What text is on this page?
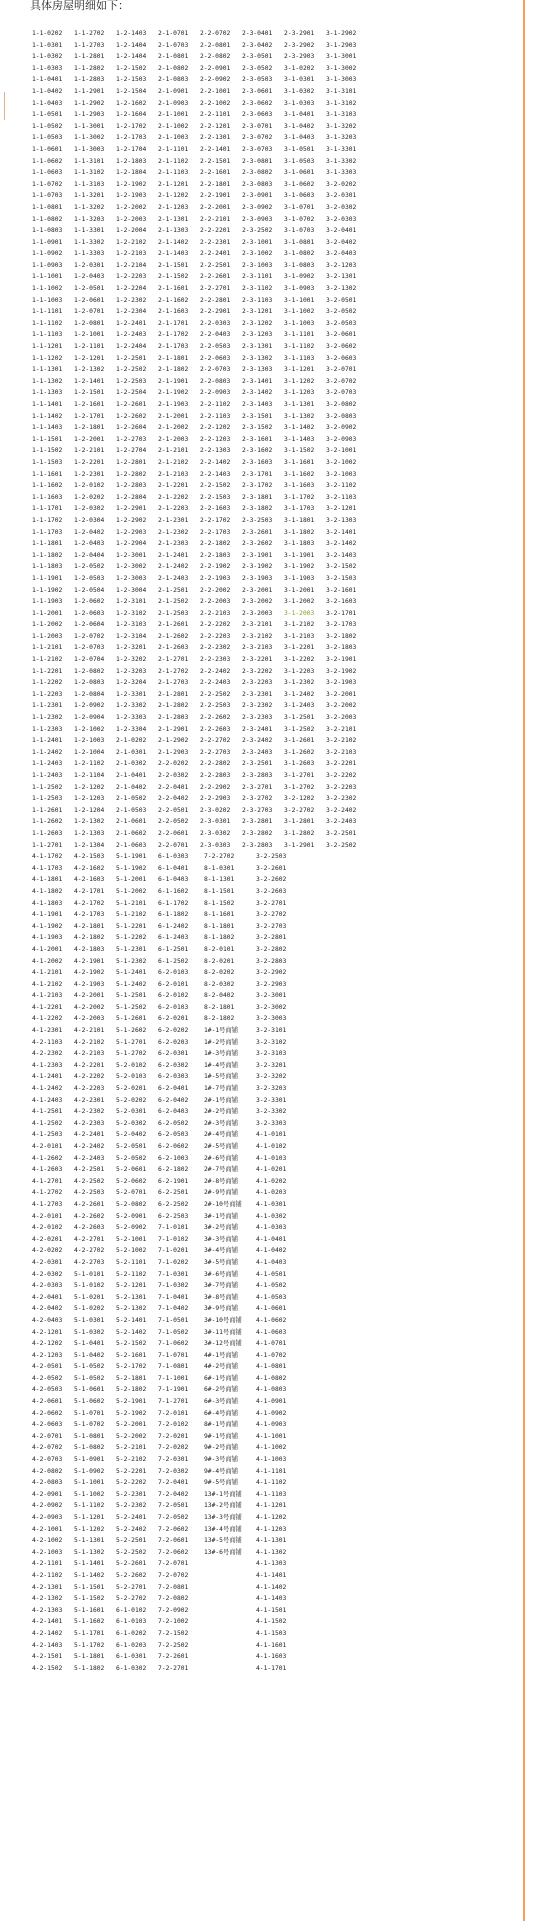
具体房屋明细如下：
1-1-0202 1-1-2702 1-2-1403 2-1-0701 2-2-0702 2-3-0401 2-3-2901 3-1-2902
1-1-0301 1-1-2703 1-2-1404 2-1-0703 2-2-0801 2-3-0402 2-3-2902 3-1-2903
1-1-0302 1-1-2801 1-2-1404 2-1-0801 2-2-0802 2-3-0501 2-3-2903 3-1-3001
1-1-0303 1-1-2802 1-2-1502 2-1-0802 2-2-0901 2-3-0502 3-1-0202 3-1-3002
1-1-0401 1-1-2803 1-2-1503 2-1-0803 2-2-0902 2-3-0503 3-1-0301 3-1-3003
1-1-0402 1-1-2901 1-2-1504 2-1-0901 2-2-1001 2-3-0601 3-1-0302 3-1-3101
1-1-0403 1-1-2902 1-2-1602 2-1-0903 2-2-1002 2-3-0602 3-1-0303 3-1-3102
1-1-0501 1-1-2903 1-2-1604 2-1-1001 2-2-1101 2-3-0603 3-1-0401 3-1-3103
1-1-0502 1-1-3001 1-2-1702 2-1-1002 2-2-1201 2-3-0701 3-1-0402 3-1-3202
1-1-0503 1-1-3002 1-2-1703 2-1-1003 2-2-1301 2-3-0702 3-1-0403 3-1-3203
1-1-0601 1-1-3003 1-2-1704 2-1-1101 2-2-1401 2-3-0703 3-1-0501 3-1-3301
1-1-0602 1-1-3101 1-2-1803 2-1-1102 2-2-1501 2-3-0801 3-1-0503 3-1-3302
1-1-0603 1-1-3102 1-2-1804 2-1-1103 2-2-1601 2-3-0802 3-1-0601 3-1-3303
1-1-0702 1-1-3103 1-2-1902 2-1-1201 2-2-1801 2-3-0803 3-1-0602 3-2-0202
1-1-0703 1-1-3201 1-2-1903 2-1-1202 2-2-1901 2-3-0901 3-1-0603 3-2-0301
1-1-0801 1-1-3202 1-2-2002 2-1-1203 2-2-2001 2-3-0902 3-1-0701 3-2-0302
1-1-0802 1-1-3203 1-2-2003 2-1-1301 2-2-2101 2-3-0903 3-1-0702 3-2-0303
1-1-0803 1-1-3301 1-2-2004 2-1-1303 2-2-2201 2-3-2502 3-1-0703 3-2-0401
1-1-0901 1-1-3302 1-2-2102 2-1-1402 2-2-2301 2-3-1001 3-1-0801 3-2-0402
1-1-0902 1-1-3303 1-2-2103 2-1-1403 2-2-2401 2-3-1002 3-1-0802 3-2-0403
1-1-0903 1-2-0301 1-2-2104 2-1-1501 2-2-2501 2-3-1003 3-1-0803 3-2-1203
1-1-1001 1-2-0403 1-2-2203 2-1-1502 2-2-2601 2-3-1101 3-1-0902 3-2-1301
1-1-1002 1-2-0501 1-2-2204 2-1-1601 2-2-2701 2-3-1102 3-1-0903 3-2-1302
1-1-1003 1-2-0601 1-2-2302 2-1-1602 2-2-2801 2-3-1103 3-1-1001 3-2-0501
1-1-1101 1-2-0701 1-2-2304 2-1-1603 2-2-2901 2-3-1201 3-1-1002 3-2-0502
1-1-1102 1-2-0801 1-2-2401 2-1-1701 2-2-0303 2-3-1202 3-1-1003 3-2-0503
1-1-1103 1-2-1001 1-2-2403 2-1-1702 2-2-0403 2-3-1203 3-1-1101 3-2-0601
1-1-1201 1-2-1101 1-2-2404 2-1-1703 2-2-0503 2-3-1301 3-1-1102 3-2-0602
1-1-1202 1-2-1201 1-2-2501 2-1-1801 2-2-0603 2-3-1302 3-1-1103 3-2-0603
1-1-1301 1-2-1302 1-2-2502 2-1-1802 2-2-0703 2-3-1303 3-1-1201 3-2-0701
1-1-1302 1-2-1401 1-2-2503 2-1-1901 2-2-0803 2-3-1401 3-1-1202 3-2-0702
1-1-1303 1-2-1501 1-2-2504 2-1-1902 2-2-0903 2-3-1402 3-1-1203 3-2-0703
1-1-1401 1-2-1601 1-2-2601 2-1-1903 2-2-1102 2-3-1403 3-1-1301 3-2-0802
1-1-1402 1-2-1701 1-2-2602 2-1-2001 2-2-1103 2-3-1501 3-1-1302 3-2-0803
1-1-1403 1-2-1801 1-2-2604 2-1-2002 2-2-1202 2-3-1502 3-1-1402 3-2-0902
1-1-1501 1-2-2001 1-2-2703 2-1-2003 2-2-1203 2-3-1601 3-1-1403 3-2-0903
1-1-1502 1-2-2101 1-2-2704 2-1-2101 2-2-1303 2-3-1602 3-1-1502 3-2-1001
1-1-1503 1-2-2201 1-2-2801 2-1-2102 2-2-1402 2-3-1603 3-1-1601 3-2-1002
1-1-1601 1-2-2301 1-2-2802 2-1-2103 2-2-1403 2-3-1701 3-1-1602 3-2-1003
1-1-1602 1-2-0102 1-2-2803 2-1-2201 2-2-1502 2-3-1702 3-1-1603 3-2-1102
1-1-1603 1-2-0202 1-2-2804 2-1-2202 2-2-1503 2-3-1801 3-1-1702 3-2-1103
1-1-1701 1-2-0302 1-2-2901 2-1-2203 2-2-1603 2-3-1802 3-1-1703 3-2-1201
1-1-1702 1-2-0304 1-2-2902 2-1-2301 2-2-1702 2-3-2503 3-1-1801 3-2-1303
1-1-1703 1-2-0402 1-2-2903 2-1-2302 2-2-1703 2-3-2601 3-1-1802 3-2-1401
1-1-1801 1-2-0403 1-2-2904 2-1-2303 2-2-1802 2-3-2602 3-1-1803 3-2-1402
1-1-1802 1-2-0404 1-2-3001 2-1-2401 2-2-1803 2-3-1901 3-1-1901 3-2-1403
1-1-1803 1-2-0502 1-2-3002 2-1-2402 2-2-1902 2-3-1902 3-1-1902 3-2-1502
1-1-1901 1-2-0503 1-2-3003 2-1-2403 2-2-1903 2-3-1903 3-1-1903 3-2-1503
1-1-1902 1-2-0504 1-2-3004 2-1-2501 2-2-2002 2-3-2001 3-1-2001 3-2-1601
1-1-1903 1-2-0602 1-2-3101 2-1-2502 2-2-2003 2-3-2002 3-1-2002 3-2-1603
1-1-2001 1-2-0603 1-2-3102 2-1-2503 2-2-2103 2-3-2003 3-1-2003 3-2-1701
1-1-2002 1-2-0604 1-2-3103 2-1-2601 2-2-2202 2-3-2101 3-1-2102 3-2-1703
1-1-2003 1-2-0702 1-2-3104 2-1-2602 2-2-2203 2-3-2102 3-1-2103 3-2-1802
1-1-2101 1-2-0703 1-2-3201 2-1-2603 2-2-2302 2-3-2103 3-1-2201 3-2-1803
1-1-2102 1-2-0704 1-2-3202 2-1-2701 2-2-2303 2-3-2201 3-1-2202 3-2-1901
1-1-2201 1-2-0802 1-2-3203 2-1-2702 2-2-2402 2-3-2202 3-1-2203 3-2-1902
1-1-2202 1-2-0803 1-2-3204 2-1-2703 2-2-2403 2-3-2203 3-1-2302 3-2-1903
1-1-2203 1-2-0804 1-2-3301 2-1-2801 2-2-2502 2-3-2301 3-1-2402 3-2-2001
1-1-2301 1-2-0902 1-2-3302 2-1-2802 2-2-2503 2-3-2302 3-1-2403 3-2-2002
1-1-2302 1-2-0904 1-2-3303 2-1-2803 2-2-2602 2-3-2303 3-1-2501 3-2-2003
1-1-2303 1-2-1002 1-2-3304 2-1-2901 2-2-2603 2-3-2401 3-1-2502 3-2-2101
1-1-2401 1-2-1003 2-1-0202 2-1-2902 2-2-2702 2-3-2402 3-1-2601 3-2-2102
1-1-2402 1-2-1004 2-1-0301 2-1-2903 2-2-2703 2-3-2403 3-1-2602 3-2-2103
1-1-2403 1-2-1102 2-1-0302 2-2-0202 2-2-2802 2-3-2501 3-1-2603 3-2-2201
1-1-2403 1-2-1104 2-1-0401 2-2-0302 2-2-2803 2-3-2803 3-1-2701 3-2-2202
1-1-2502 1-2-1202 2-1-0402 2-2-0401 2-2-2902 2-3-2701 3-1-2702 3-2-2203
1-1-2503 1-2-1203 2-1-0502 2-2-0402 2-2-2903 2-3-2702 3-2-1202 3-2-2302
1-1-2601 1-2-1204 2-1-0503 2-2-0501 2-3-0202 2-3-2703 3-2-2702 3-2-2402
1-1-2602 1-2-1302 2-1-0601 2-2-0502 2-3-0301 2-3-2801 3-1-2801 3-2-2403
1-1-2603 1-2-1303 2-1-0602 2-2-0601 2-3-0302 2-3-2802 3-1-2802 3-2-2501
1-1-2701 1-2-1304 2-1-0603 2-2-0701 2-3-0303 2-3-2803 3-1-2901 3-2-2502
4-1-1702 4-2-1503 5-1-1901 6-1-0303 7-2-2702	3-2-2503
4-1-1703 4-2-1602 5-1-1902 6-1-0401 8-1-0301	3-2-2601
4-1-1801 4-2-1603 5-1-2001 6-1-0403 8-1-1301	3-2-2602
4-1-1802 4-2-1701 5-1-2002 6-1-1602 8-1-1501	3-2-2603
4-1-1803 4-2-1702 5-1-2101 6-1-1702 8-1-1502	3-2-2701
4-1-1901 4-2-1703 5-1-2102 6-1-1802 8-1-1601	3-2-2702
4-1-1902 4-2-1801 5-1-2201 6-1-2402 8-1-1801	3-2-2703
4-1-1903 4-2-1802 5-1-2202 6-1-2403 8-1-1802	3-2-2801
4-1-2001 4-2-1803 5-1-2301 6-1-2501 8-2-0101	3-2-2802
4-1-2002 4-2-1901 5-1-2302 6-1-2502 8-2-0201	3-2-2803
4-1-2101 4-2-1902 5-1-2401 6-2-0103 8-2-0202	3-2-2902
4-1-2102 4-2-1903 5-1-2402 6-2-0101 8-2-0302	3-2-2903
4-1-2103 4-2-2001 5-1-2501 6-2-0102 8-2-0402	3-2-3001
4-1-2201 4-2-2002 5-1-2502 6-2-0103 8-2-1801	3-2-3002
4-1-2202 4-2-2003 5-1-2601 6-2-0201 8-2-1802	3-2-3003
4-1-2301 4-2-2101 5-1-2602 6-2-0202 1#-1号商铺	3-2-3101
4-2-1103 4-2-2102 5-1-2701 6-2-0203 1#-2号商铺	3-2-3102
4-2-2302 4-2-2103 5-1-2702 6-2-0301 1#-3号商铺	3-2-3103
4-1-2303 4-2-2201 5-2-0102 6-2-0302 1#-4号商铺	3-2-3201
4-1-2401 4-2-2202 5-2-0103 6-2-0303 1#-5号商铺	3-2-3202
4-1-2402 4-2-2203 5-2-0201 6-2-0401 1#-7号商铺	3-2-3203
4-1-2403 4-2-2301 5-2-0202 6-2-0402 2#-1号商铺	3-2-3301
4-1-2501 4-2-2302 5-2-0301 6-2-0403 2#-2号商铺	3-2-3302
4-1-2502 4-2-2303 5-2-0302 6-2-0502 2#-3号商铺	3-2-3303
4-1-2503 4-2-2401 5-2-0402 6-2-0503 2#-4号商铺	4-1-0101
4-2-0101 4-2-2402 5-2-0501 6-2-0602 2#-5号商铺	4-1-0102
4-1-2602 4-2-2403 5-2-0502 6-2-1003 2#-6号商铺	4-1-0103
4-1-2603 4-2-2501 5-2-0601 6-2-1802 2#-7号商铺	4-1-0201
4-1-2701 4-2-2502 5-2-0602 6-2-1901 2#-8号商铺	4-1-0202
4-1-2702 4-2-2503 5-2-0701 6-2-2501 2#-9号商铺	4-1-0203
4-1-2703 4-2-2601 5-2-0802 6-2-2502 2#-10号商铺 4-1-0301
4-2-0101 4-2-2602 5-2-0901 6-2-2503 3#-1号商铺	4-1-0302
4-2-0102 4-2-2603 5-2-0902 7-1-0101 3#-2号商铺	4-1-0303
4-2-0201 4-2-2701 5-2-1001 7-1-0102 3#-3号商铺	4-1-0401
4-2-0202 4-2-2702 5-2-1002 7-1-0201 3#-4号商铺	4-1-0402
4-2-0301 4-2-2703 5-2-1101 7-1-0202 3#-5号商铺	4-1-0403
4-2-0302 5-1-0101 5-2-1102 7-1-0301 3#-6号商铺	4-1-0501
4-2-0303 5-1-0102 5-2-1201 7-1-0302 3#-7号商铺	4-1-0502
4-2-0401 5-1-0201 5-2-1301 7-1-0401 3#-8号商铺	4-1-0503
4-2-0402 5-1-0202 5-2-1302 7-1-0402 3#-9号商铺	4-1-0601
4-2-0403 5-1-0301 5-2-1401 7-1-0501 3#-10号商铺 4-1-0602
4-2-1201 5-1-0302 5-2-1402 7-1-0502 3#-11号商铺 4-1-0603
4-2-1202 5-1-0401 5-2-1502 7-1-0602 3#-12号商铺 4-1-0701
4-2-1203 5-1-0402 5-2-1601 7-1-0701 4#-1号商铺	4-1-0702
4-2-0501 5-1-0502 5-2-1702 7-1-0801 4#-2号商铺	4-1-0801
4-2-0502 5-1-0502 5-2-1801 7-1-1001 6#-1号商铺	4-1-0802
4-2-0503 5-1-0601 5-2-1802 7-1-1901 6#-2号商铺	4-1-0803
4-2-0601 5-1-0602 5-2-1901 7-1-2701 6#-3号商铺	4-1-0901
4-2-0602 5-1-0701 5-2-1902 7-2-0101 6#-4号商铺	4-1-0902
4-2-0603 5-1-0702 5-2-2001 7-2-0102 8#-1号商铺	4-1-0903
4-2-0701 5-1-0801 5-2-2002 7-2-0201 9#-1号商铺	4-1-1001
4-2-0702 5-1-0802 5-2-2101 7-2-0202 9#-2号商铺	4-1-1002
4-2-0703 5-1-0901 5-2-2102 7-2-0301 9#-3号商铺	4-1-1003
4-2-0802 5-1-0902 5-2-2201 7-2-0302 9#-4号商铺	4-1-1101
4-2-0803 5-1-1001 5-2-2202 7-2-0401 9#-5号商铺	4-1-1102
4-2-0901 5-1-1002 5-2-2301 7-2-0402 13#-1号商铺 4-1-1103
4-2-0902 5-1-1102 5-2-2302 7-2-0501 13#-2号商铺 4-1-1201
4-2-0903 5-1-1201 5-2-2401 7-2-0502 13#-3号商铺 4-1-1202
4-2-1001 5-1-1202 5-2-2402 7-2-0602 13#-4号商铺 4-1-1203
4-2-1002 5-1-1301 5-2-2501 7-2-0601 13#-5号商铺 4-1-1301
4-2-1003 5-1-1302 5-2-2502 7-2-0602 13#-6号商铺 4-1-1302
4-2-1101 5-1-1401 5-2-2601 7-2-0701	4-1-1303
4-2-1102 5-1-1402 5-2-2602 7-2-0702	4-1-1401
4-2-1301 5-1-1501 5-2-2701 7-2-0801	4-1-1402
4-2-1302 5-1-1502 5-2-2702 7-2-0802	4-1-1403
4-2-1303 5-1-1601 6-1-0102 7-2-0902	4-1-1501
4-2-1401 5-1-1602 6-1-0103 7-2-1002	4-1-1502
4-2-1402 5-1-1701 6-1-0202 7-2-1502	4-1-1503
4-2-1403 5-1-1702 6-1-0203 7-2-2502	4-1-1601
4-2-1501 5-1-1801 6-1-0301 7-2-2601	4-1-1603
4-2-1502 5-1-1802 6-1-0302 7-2-2701	4-1-1701
